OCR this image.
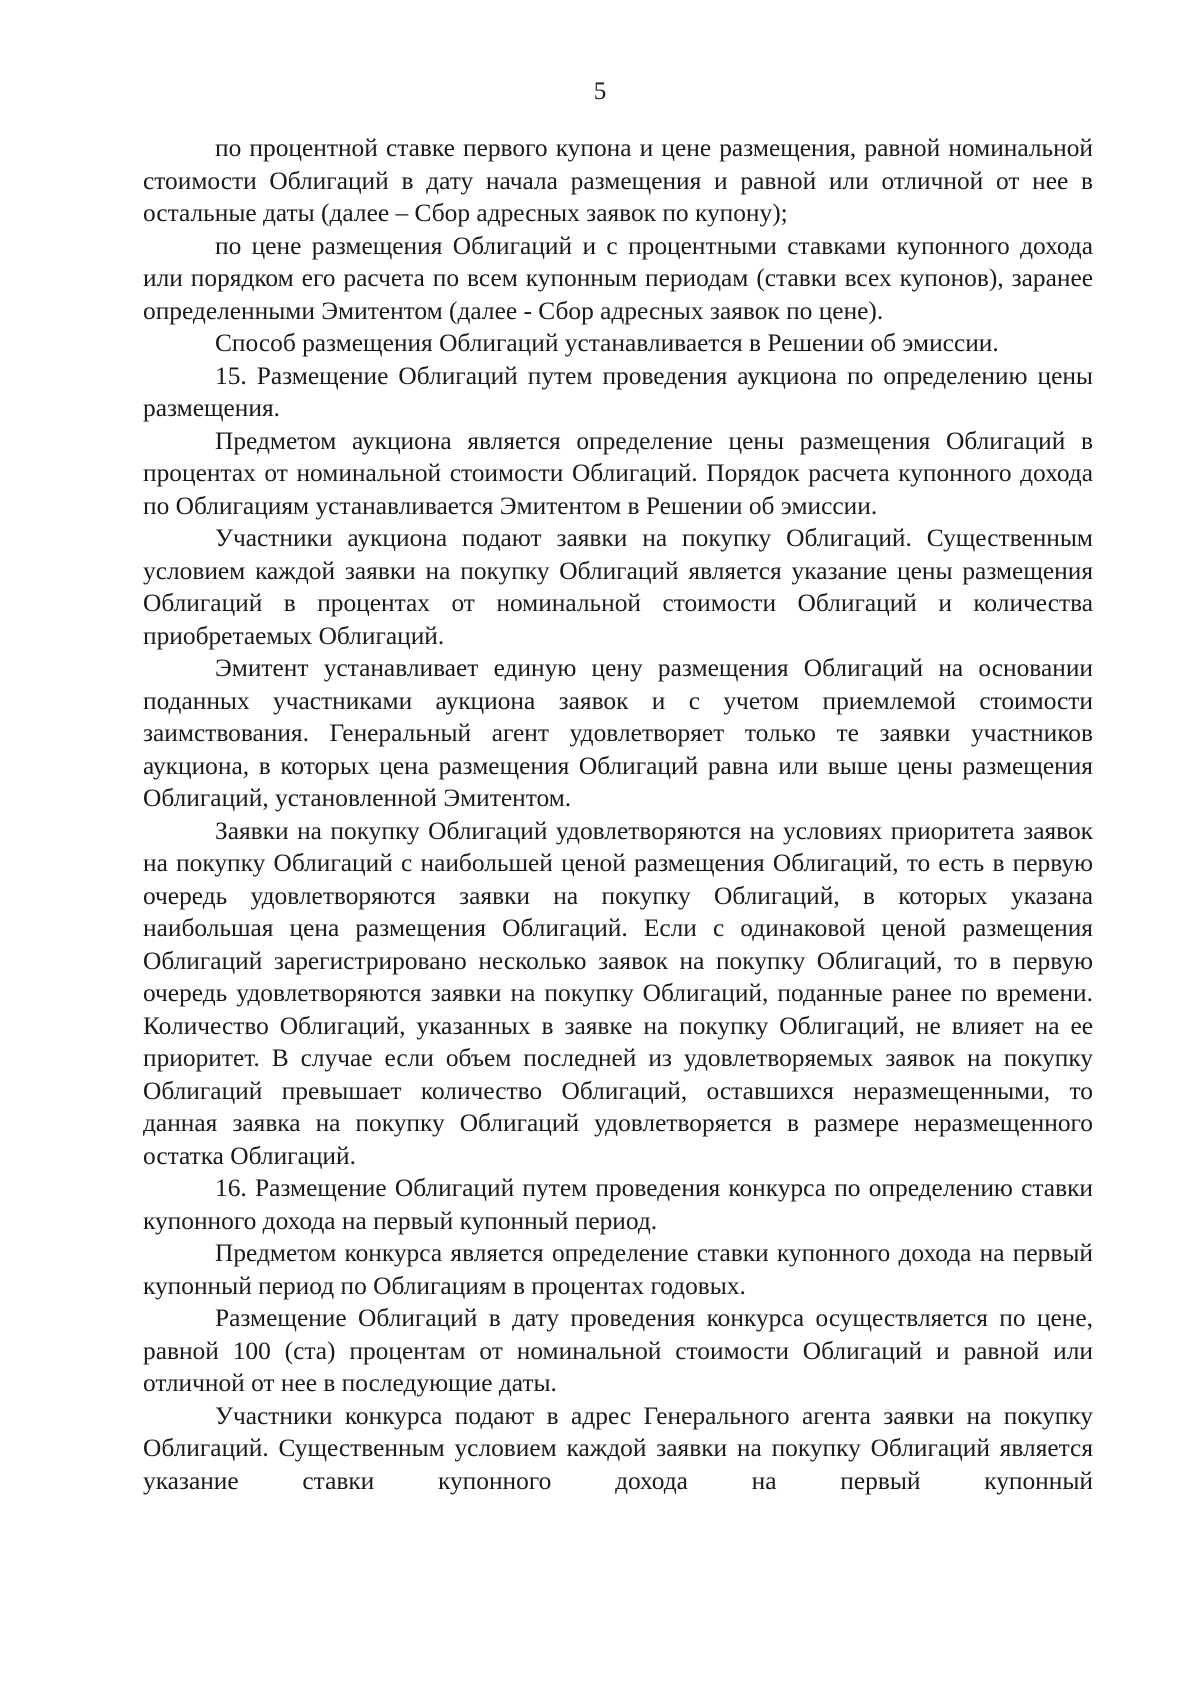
5

по процентной ставке первого купона и цене размещения, равной номинальной стоимости Облигаций в дату начала размещения и равной или отличной от нее в остальные даты (далее – Сбор адресных заявок по купону);

по цене размещения Облигаций и с процентными ставками купонного дохода или порядком его расчета по всем купонным периодам (ставки всех купонов), заранее определенными Эмитентом (далее - Сбор адресных заявок по цене).

Способ размещения Облигаций устанавливается в Решении об эмиссии.

15. Размещение Облигаций путем проведения аукциона по определению цены размещения.

Предметом аукциона является определение цены размещения Облигаций в процентах от номинальной стоимости Облигаций. Порядок расчета купонного дохода по Облигациям устанавливается Эмитентом в Решении об эмиссии.

Участники аукциона подают заявки на покупку Облигаций. Существенным условием каждой заявки на покупку Облигаций является указание цены размещения Облигаций в процентах от номинальной стоимости Облигаций и количества приобретаемых Облигаций.

Эмитент устанавливает единую цену размещения Облигаций на основании поданных участниками аукциона заявок и с учетом приемлемой стоимости заимствования. Генеральный агент удовлетворяет только те заявки участников аукциона, в которых цена размещения Облигаций равна или выше цены размещения Облигаций, установленной Эмитентом.

Заявки на покупку Облигаций удовлетворяются на условиях приоритета заявок на покупку Облигаций с наибольшей ценой размещения Облигаций, то есть в первую очередь удовлетворяются заявки на покупку Облигаций, в которых указана наибольшая цена размещения Облигаций. Если с одинаковой ценой размещения Облигаций зарегистрировано несколько заявок на покупку Облигаций, то в первую очередь удовлетворяются заявки на покупку Облигаций, поданные ранее по времени. Количество Облигаций, указанных в заявке на покупку Облигаций, не влияет на ее приоритет. В случае если объем последней из удовлетворяемых заявок на покупку Облигаций превышает количество Облигаций, оставшихся неразмещенными, то данная заявка на покупку Облигаций удовлетворяется в размере неразмещенного остатка Облигаций.

16. Размещение Облигаций путем проведения конкурса по определению ставки купонного дохода на первый купонный период.

Предметом конкурса является определение ставки купонного дохода на первый купонный период по Облигациям в процентах годовых.

Размещение Облигаций в дату проведения конкурса осуществляется по цене, равной 100 (ста) процентам от номинальной стоимости Облигаций и равной или отличной от нее в последующие даты.

Участники конкурса подают в адрес Генерального агента заявки на покупку Облигаций. Существенным условием каждой заявки на покупку Облигаций является указание ставки купонного дохода на первый купонный
